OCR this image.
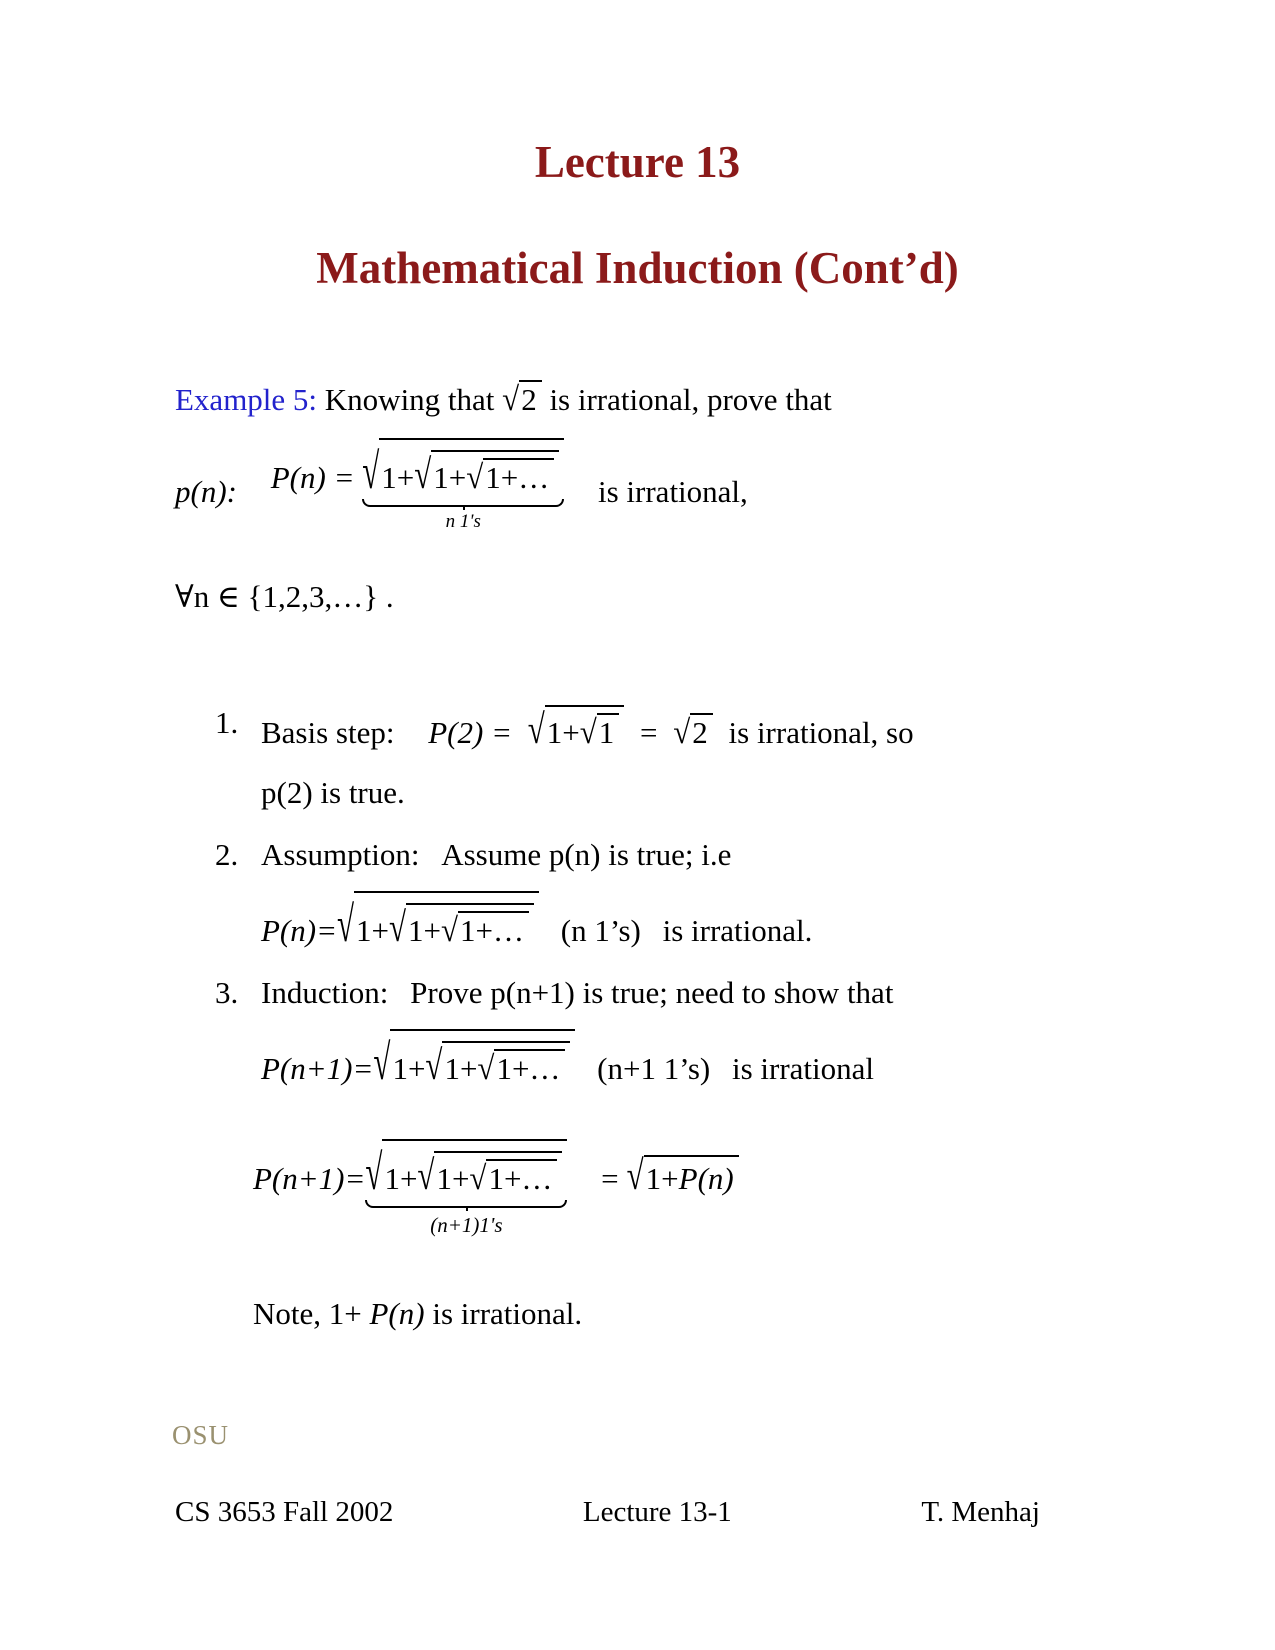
Lecture 13
Mathematical Induction (Cont’d)

Example 5: Knowing that √2 is irrational, prove that

p(n): P(n) = √1+√1+√1+…
n 1's
is irrational,

∀n ∈ {1,2,3,…} .

1. Basis step: P(2) = √1+√1 = √2 is irrational, so
p(2) is true.
2. Assumption: Assume p(n) is true; i.e
P(n)=√1+√1+√1+… (n 1’s) is irrational.
3. Induction: Prove p(n+1) is true; need to show that
P(n+1)=√1+√1+√1+… (n+1 1’s) is irrational
P(n+1)= √1+√1+√1+…
(n+1)1's
= √1+P(n)

Note, 1+ P(n) is irrational.

OSU
CS 3653 Fall 2002	Lecture 13-1	T. Menhaj
